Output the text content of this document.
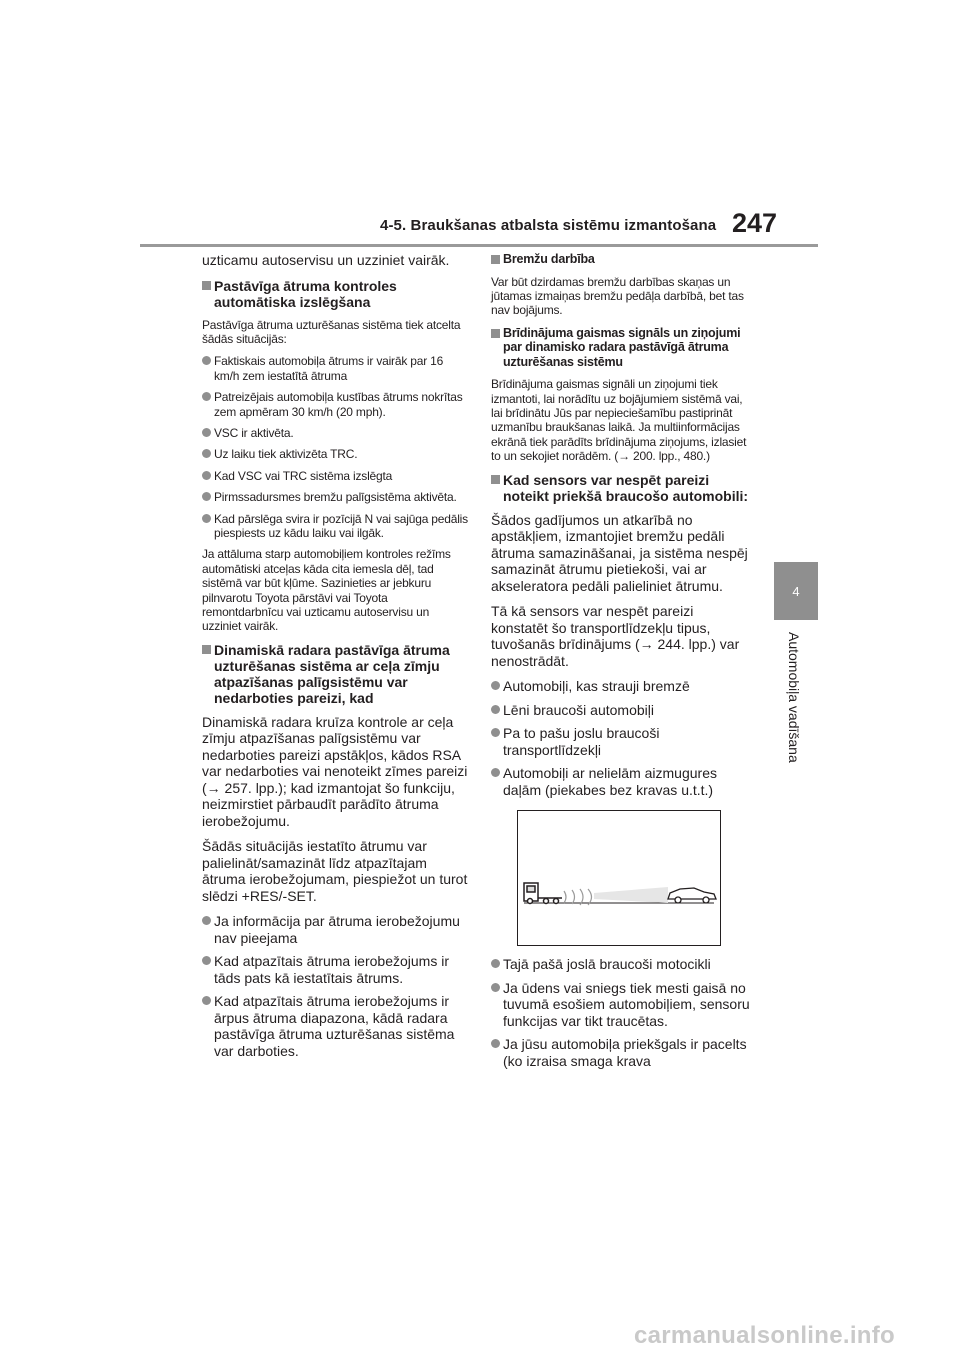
4-5. Braukšanas atbalsta sistēmu izmantošana 247
4
Automobiļa vadīšana
uzticamu autoservisu un uzziniet vairāk.
Pastāvīga ātruma kontroles automātiska izslēgšana
Pastāvīga ātruma uzturēšanas sistēma tiek atcelta šādās situācijās:
Faktiskais automobiļa ātrums ir vairāk par 16 km/h zem iestatītā ātruma
Patreizējais automobiļa kustības ātrums nokrītas zem apmēram 30 km/h (20 mph).
VSC ir aktivēta.
Uz laiku tiek aktivizēta TRC.
Kad VSC vai TRC sistēma izslēgta
Pirmssadursmes bremžu palīgsistēma aktivēta.
Kad pārslēga svira ir pozīcijā N vai sajūga pedālis piespiests uz kādu laiku vai ilgāk.
Ja attāluma starp automobiļiem kontroles režīms automātiski atceļas kāda cita iemesla dēļ, tad sistēmā var būt kļūme. Sazinieties ar jebkuru pilnvarotu Toyota pārstāvi vai Toyota remontdarbnīcu vai uzticamu autoservisu un uzziniet vairāk.
Dinamiskā radara pastāvīga ātruma uzturēšanas sistēma ar ceļa zīmju atpazīšanas palīgsistēmu var nedarboties pareizi, kad
Dinamiskā radara kruīza kontrole ar ceļa zīmju atpazīšanas palīgsistēmu var nedarboties pareizi apstākļos, kādos RSA var nedarboties vai nenoteikt zīmes pareizi (→ 257. lpp.); kad izmantojat šo funkciju, neizmirstiet pārbaudīt parādīto ātruma ierobežojumu.
Šādās situācijās iestatīto ātrumu var palielināt/samazināt līdz atpazītajam ātruma ierobežojumam, piespiežot un turot slēdzi +RES/-SET.
Ja informācija par ātruma ierobežojumu nav pieejama
Kad atpazītais ātruma ierobežojums ir tāds pats kā iestatītais ātrums.
Kad atpazītais ātruma ierobežojums ir ārpus ātruma diapazona, kādā radara pastāvīga ātruma uzturēšanas sistēma var darboties.
Bremžu darbība
Var būt dzirdamas bremžu darbības skaņas un jūtamas izmaiņas bremžu pedāļa darbībā, bet tas nav bojājums.
Brīdinājuma gaismas signāls un ziņojumi par dinamisko radara pastāvīgā ātruma uzturēšanas sistēmu
Brīdinājuma gaismas signāli un ziņojumi tiek izmantoti, lai norādītu uz bojājumiem sistēmā vai, lai brīdinātu Jūs par nepieciešamību pastiprināt uzmanību braukšanas laikā. Ja multiinformācijas ekrānā tiek parādīts brīdinājuma ziņojums, izlasiet to un sekojiet norādēm. (→ 200. lpp., 480.)
Kad sensors var nespēt pareizi noteikt priekšā braucošo automobili:
Šādos gadījumos un atkarībā no apstākļiem, izmantojiet bremžu pedāli ātruma samazināšanai, ja sistēma nespēj samazināt ātrumu pietiekoši, vai ar akseleratora pedāli palieliniet ātrumu.
Tā kā sensors var nespēt pareizi konstatēt šo transportlīdzekļu tipus, tuvošanās brīdinājums (→ 244. lpp.) var nenostrādāt.
Automobiļi, kas strauji bremzē
Lēni braucoši automobiļi
Pa to pašu joslu braucoši transportlīdzekļi
Automobiļi ar nelielām aizmugures daļām (piekabes bez kravas u.t.t.)
Tajā pašā joslā braucoši motocikli
Ja ūdens vai sniegs tiek mesti gaisā no tuvumā esošiem automobiļiem, sensoru funkcijas var tikt traucētas.
Ja jūsu automobiļa priekšgals ir pacelts (ko izraisa smaga krava
carmanualsonline.info
